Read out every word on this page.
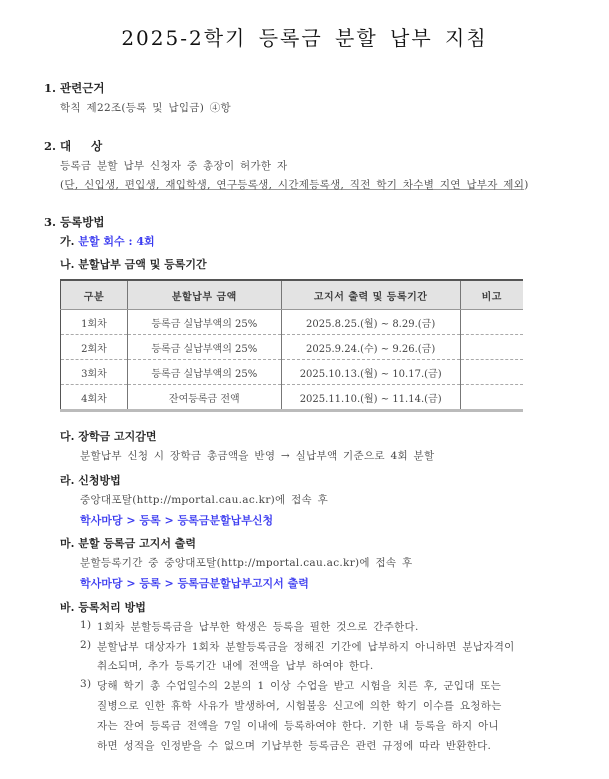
2025-2학기 등록금 분할 납부 지침
1. 관련근거
학칙 제22조(등록 및 납입금) ④항
2. 대     상
등록금 분할 납부 신청자 중 총장이 허가한 자
(단, 신입생, 편입생, 재입학생, 연구등록생, 시간제등록생, 직전 학기 차수별 지연 납부자 제외)
3. 등록방법
가. 분할 회수 : 4회
나. 분할납부 금액 및 등록기간
구분	분할납부 금액	고지서 출력 및 등록기간	비고
1회차	등록금 실납부액의 25%	2025.8.25.(월) ~ 8.29.(금)	
2회차	등록금 실납부액의 25%	2025.9.24.(수) ~ 9.26.(금)	
3회차	등록금 실납부액의 25%	2025.10.13.(월) ~ 10.17.(금)	
4회차	잔여등록금 전액	2025.11.10.(월) ~ 11.14.(금)	
다. 장학금 고지감면
분할납부 신청 시 장학금 총금액을 반영 → 실납부액 기준으로 4회 분할
라. 신청방법
중앙대포탈(http://mportal.cau.ac.kr)에 접속 후
학사마당 > 등록 > 등록금분할납부신청
마. 분할 등록금 고지서 출력
분할등록기간 중 중앙대포탈(http://mportal.cau.ac.kr)에 접속 후
학사마당 > 등록 > 등록금분할납부고지서 출력
바. 등록처리 방법
1) 1회차 분할등록금을 납부한 학생은 등록을 필한 것으로 간주한다.
2) 분할납부 대상자가 1회차 분할등록금을 정해진 기간에 납부하지 아니하면 분납자격이
취소되며, 추가 등록기간 내에 전액을 납부 하여야 한다.
3) 당해 학기 총 수업일수의 2분의 1 이상 수업을 받고 시험을 치른 후, 군입대 또는
질병으로 인한 휴학 사유가 발생하여, 시험불응 신고에 의한 학기 이수를 요청하는
자는 잔여 등록금 전액을 7일 이내에 등록하여야 한다. 기한 내 등록을 하지 아니
하면 성적을 인정받을 수 없으며 기납부한 등록금은 관련 규정에 따라 반환한다.
